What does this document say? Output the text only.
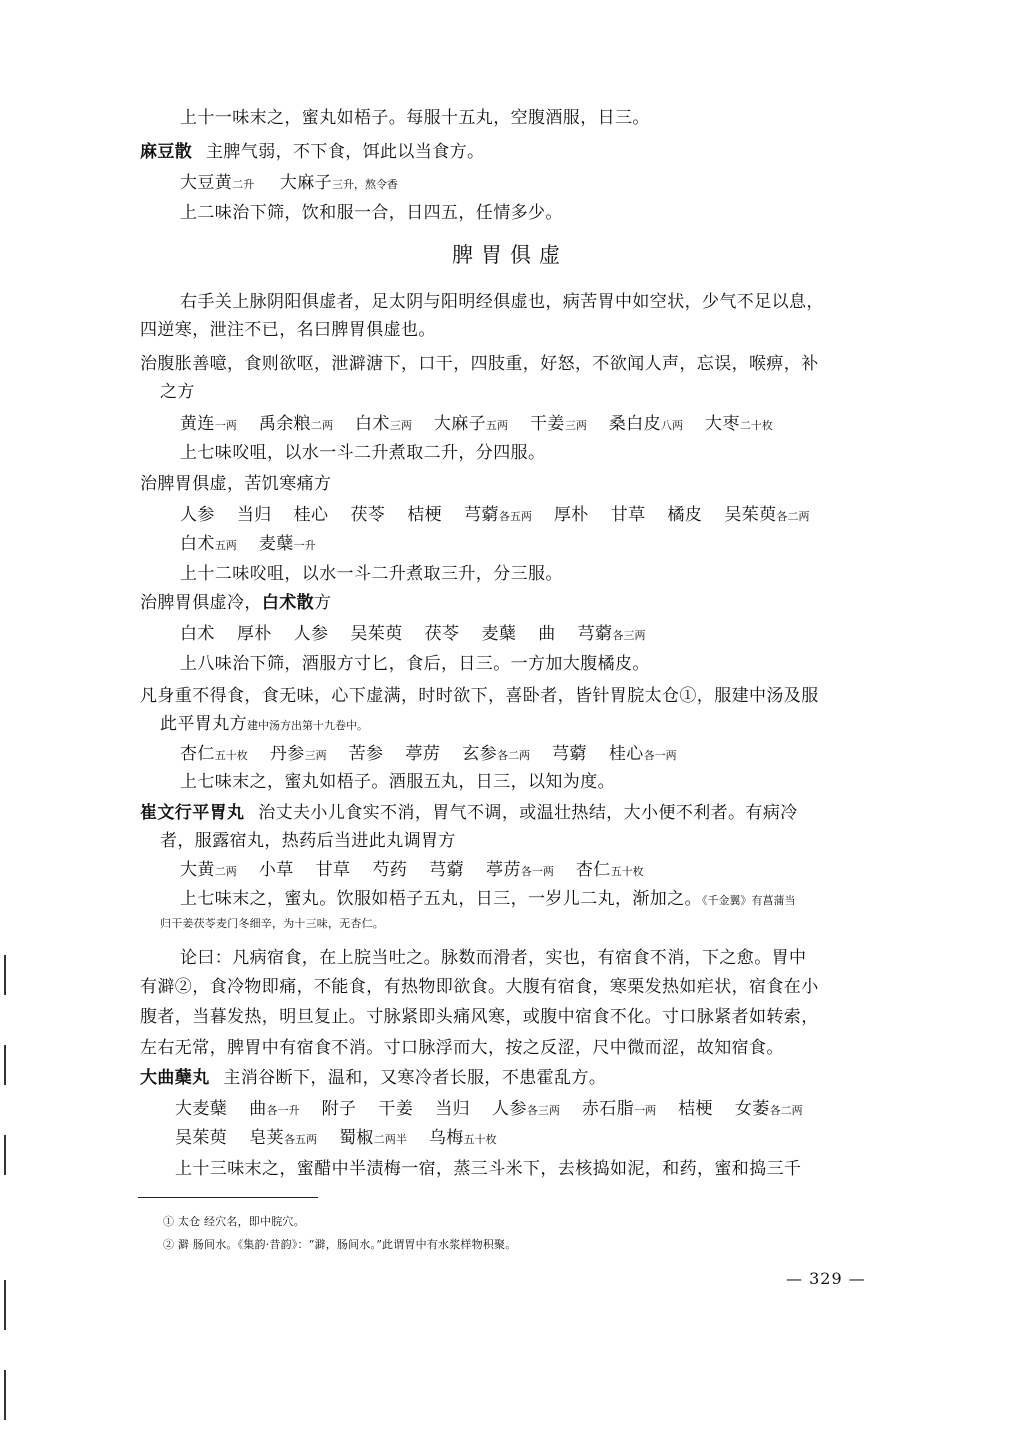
上十一味末之，蜜丸如梧子。每服十五丸，空腹酒服，日三。
麻豆散 主脾气弱，不下食，饵此以当食方。
大豆黄二升 大麻子三升，熬令香
上二味治下筛，饮和服一合，日四五，任情多少。
脾胃俱虚
右手关上脉阴阳俱虚者，足太阴与阳明经俱虚也，病苦胃中如空状，少气不足以息，
四逆寒，泄注不已，名曰脾胃俱虚也。
治腹胀善噫，食则欲呕，泄澼溏下，口干，四肢重，好怒，不欲闻人声，忘误，喉痹，补
之方
黄连一两 禹余粮二两 白术三两 大麻子五两 干姜三两 桑白皮八两 大枣二十枚
上七味㕮咀，以水一斗二升煮取二升，分四服。
治脾胃俱虚，苦饥寒痛方
人参 当归 桂心 茯苓 桔梗 芎藭各五两 厚朴 甘草 橘皮 吴茱萸各二两
白术五两 麦蘖一升
上十二味㕮咀，以水一斗二升煮取三升，分三服。
治脾胃俱虚冷，白术散方
白术 厚朴 人参 吴茱萸 茯苓 麦蘖 曲 芎藭各三两
上八味治下筛，酒服方寸匕，食后，日三。一方加大腹橘皮。
凡身重不得食，食无味，心下虚满，时时欲下，喜卧者，皆针胃脘太仓①，服建中汤及服
此平胃丸方建中汤方出第十九卷中。
杏仁五十枚 丹参三两 苦参 葶苈 玄参各二两 芎藭 桂心各一两
上七味末之，蜜丸如梧子。酒服五丸，日三，以知为度。
崔文行平胃丸 治丈夫小儿食实不消，胃气不调，或温壮热结，大小便不利者。有病冷
者，服露宿丸，热药后当进此丸调胃方
大黄二两 小草 甘草 芍药 芎藭 葶苈各一两 杏仁五十枚
上七味末之，蜜丸。饮服如梧子五丸，日三，一岁儿二丸，渐加之。《千金翼》有菖蒲当
归干姜茯苓麦门冬细辛，为十三味，无杏仁。
论曰：凡病宿食，在上脘当吐之。脉数而滑者，实也，有宿食不消，下之愈。胃中
有澼②，食冷物即痛，不能食，有热物即欲食。大腹有宿食，寒栗发热如疟状，宿食在小
腹者，当暮发热，明旦复止。寸脉紧即头痛风寒，或腹中宿食不化。寸口脉紧者如转索，
左右无常，脾胃中有宿食不消。寸口脉浮而大，按之反涩，尺中微而涩，故知宿食。
大曲蘖丸 主消谷断下，温和，又寒冷者长服，不患霍乱方。
大麦蘖 曲各一升 附子 干姜 当归 人参各三两 赤石脂一两 桔梗 女萎各二两
吴茱萸 皂荚各五两 蜀椒二两半 乌梅五十枚
上十三味末之，蜜醋中半渍梅一宿，蒸三斗米下，去核捣如泥，和药，蜜和捣三千
① 太仓 经穴名，即中脘穴。
② 澼 肠间水。《集韵·昔韵》：“澼，肠间水。”此谓胃中有水浆样物积聚。
— 329 —
